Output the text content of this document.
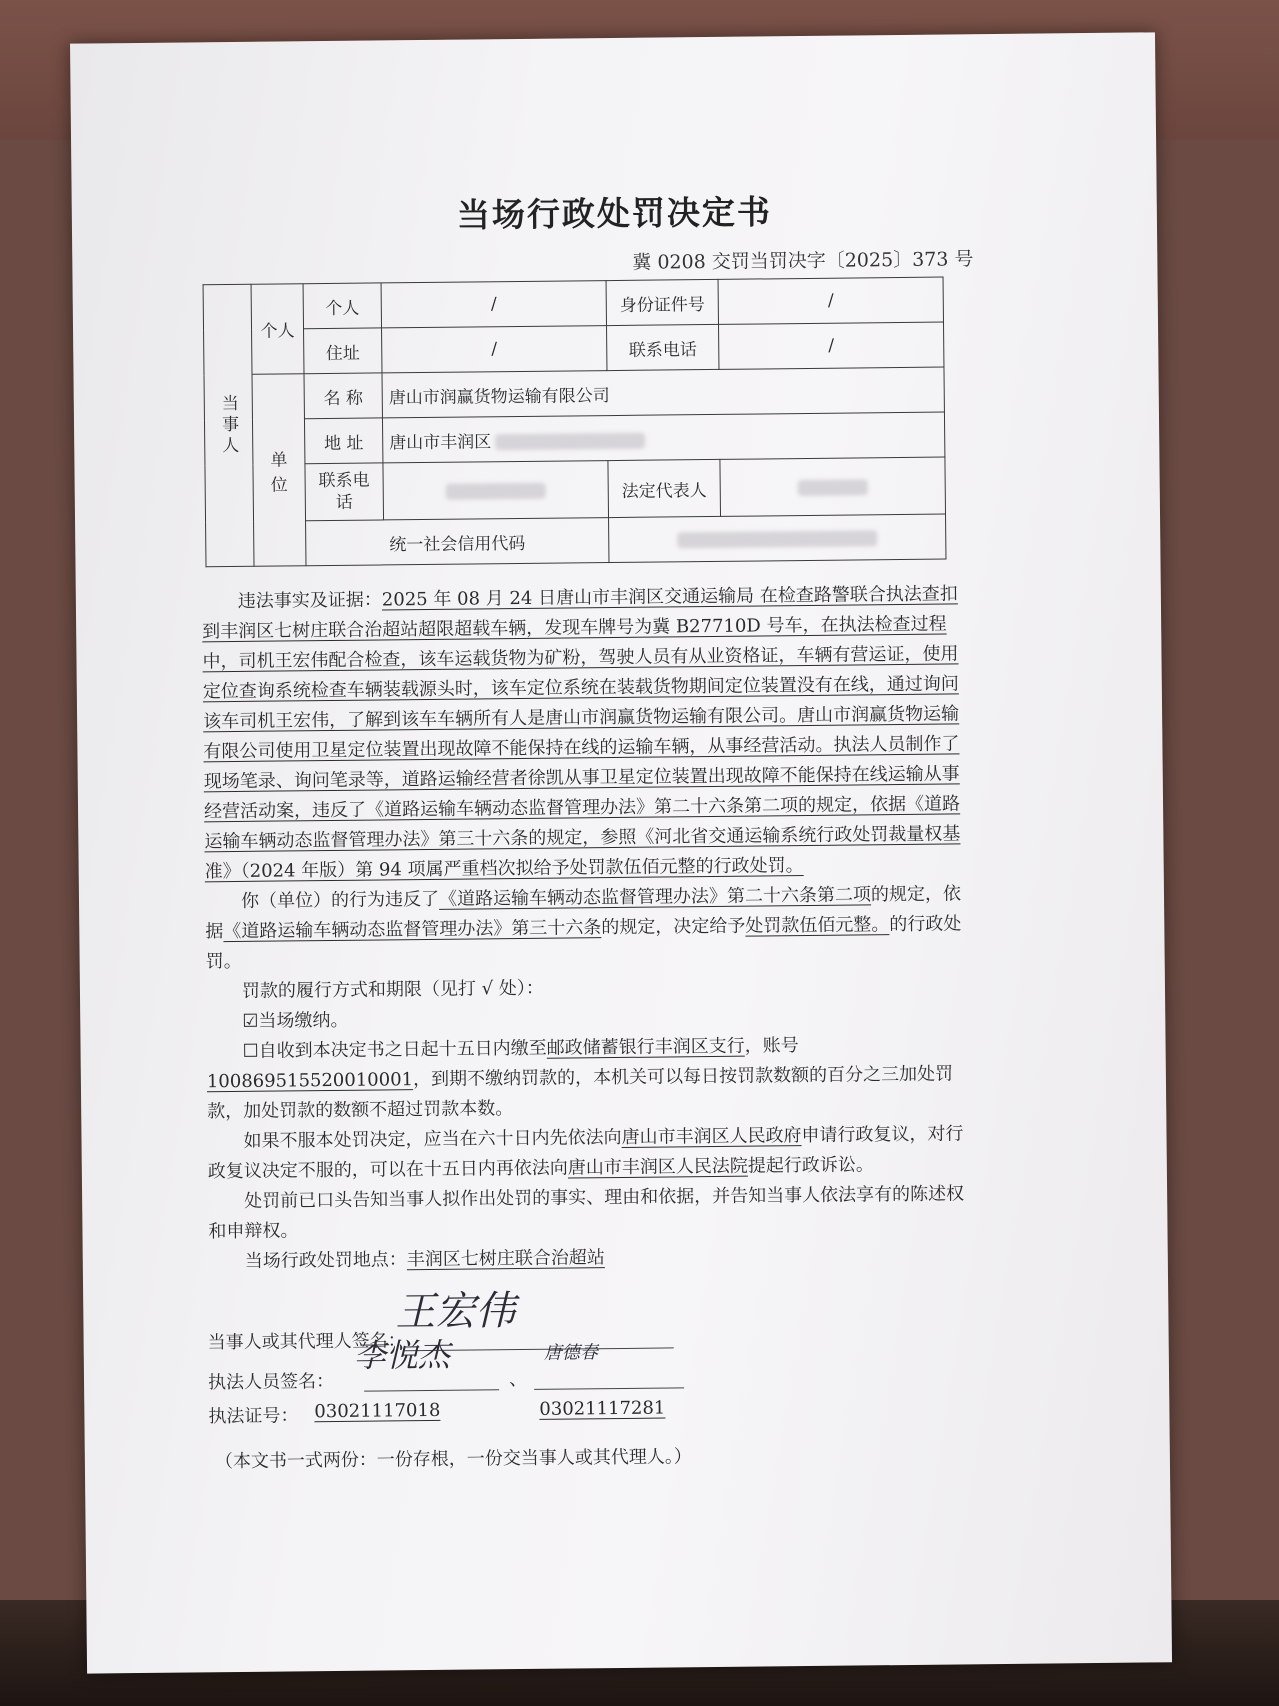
当场行政处罚决定书
冀 0208 交罚当罚决字〔2025〕373 号
当事人	个人	个人	/	身份证件号	/
		住址	/	联系电话	/
	单 位	名 称	唐山市润赢货物运输有限公司		
		地 址	唐山市丰润区		
		联系电话		法定代表人	
		统一社会信用代码			

违法事实及证据：2025 年 08 月 24 日唐山市丰润区交通运输局 在检查路警联合执法查扣到丰润区七树庄联合治超站超限超载车辆，发现车牌号为冀 B27710D 号车，在执法检查过程中，司机王宏伟配合检查，该车运载货物为矿粉，驾驶人员有从业资格证，车辆有营运证，使用定位查询系统检查车辆装载源头时，该车定位系统在装载货物期间定位装置没有在线，通过询问该车司机王宏伟，了解到该车车辆所有人是唐山市润赢货物运输有限公司。唐山市润赢货物运输有限公司使用卫星定位装置出现故障不能保持在线的运输车辆，从事经营活动。执法人员制作了现场笔录、询问笔录等，道路运输经营者徐凯从事卫星定位装置出现故障不能保持在线运输从事经营活动案，违反了《道路运输车辆动态监督管理办法》第二十六条第二项的规定，依据《道路运输车辆动态监督管理办法》第三十六条的规定，参照《河北省交通运输系统行政处罚裁量权基准》（2024 年版）第 94 项属严重档次拟给予处罚款伍佰元整的行政处罚。

你（单位）的行为违反了《道路运输车辆动态监督管理办法》第二十六条第二项的规定，依据《道路运输车辆动态监督管理办法》第三十六条的规定，决定给予处罚款伍佰元整。的行政处罚。

罚款的履行方式和期限（见打 √ 处）：

☑当场缴纳。

☐自收到本决定书之日起十五日内缴至邮政储蓄银行丰润区支行，账号100869515520010001，到期不缴纳罚款的，本机关可以每日按罚款数额的百分之三加处罚款，加处罚款的数额不超过罚款本数。

如果不服本处罚决定，应当在六十日内先依法向唐山市丰润区人民政府申请行政复议，对行政复议决定不服的，可以在十五日内再依法向唐山市丰润区人民法院提起行政诉讼。

处罚前已口头告知当事人拟作出处罚的事实、理由和依据，并告知当事人依法享有的陈述权和申辩权。

当场行政处罚地点：丰润区七树庄联合治超站

当事人或其代理人签名：
王宏伟
执法人员签名：	、
李悦杰	唐德春
执法证号： 03021117018	03021117281
（本文书一式两份：一份存根，一份交当事人或其代理人。）
